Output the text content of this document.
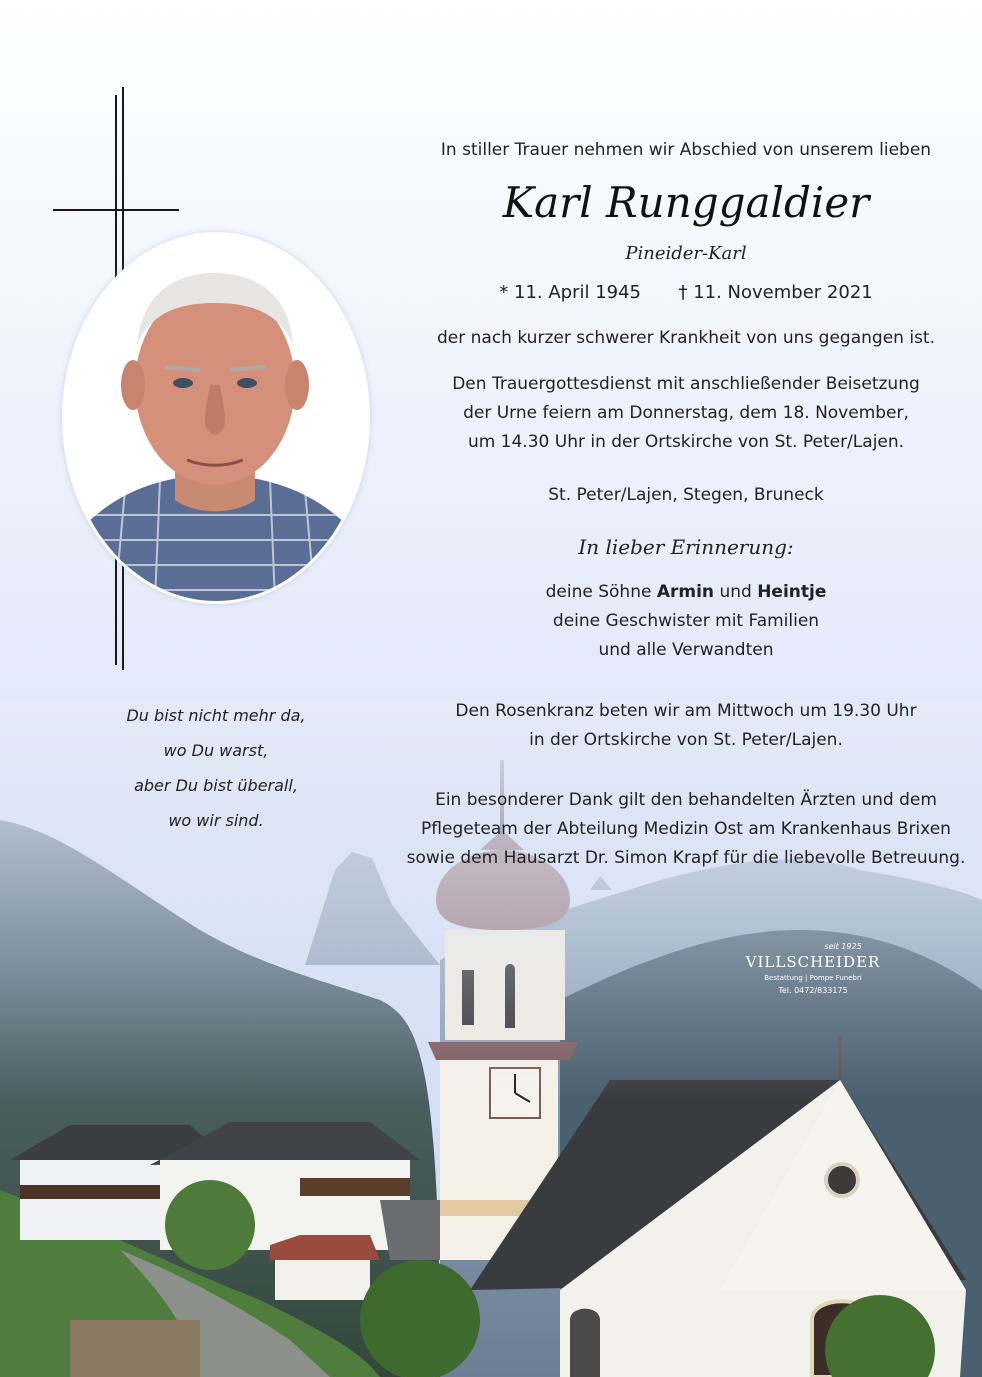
In stiller Trauer nehmen wir Abschied von unserem lieben
Karl Runggaldier
Pineider-Karl
* 11. April 1945 † 11. November 2021
der nach kurzer schwerer Krankheit von uns gegangen ist.
Den Trauergottesdienst mit anschließender Beisetzung
der Urne feiern am Donnerstag, dem 18. November,
um 14.30 Uhr in der Ortskirche von St. Peter/Lajen.
St. Peter/Lajen, Stegen, Bruneck
In lieber Erinnerung:
deine Söhne Armin und Heintje
deine Geschwister mit Familien
und alle Verwandten
Den Rosenkranz beten wir am Mittwoch um 19.30 Uhr
in der Ortskirche von St. Peter/Lajen.
Ein besonderer Dank gilt den behandelten Ärzten und dem
Pflegeteam der Abteilung Medizin Ost am Krankenhaus Brixen
sowie dem Hausarzt Dr. Simon Krapf für die liebevolle Betreuung.
Du bist nicht mehr da,
wo Du warst,
aber Du bist überall,
wo wir sind.
seit 1925
VILLSCHEIDER
Bestattung | Pompe Funebri
Tel. 0472/833175
